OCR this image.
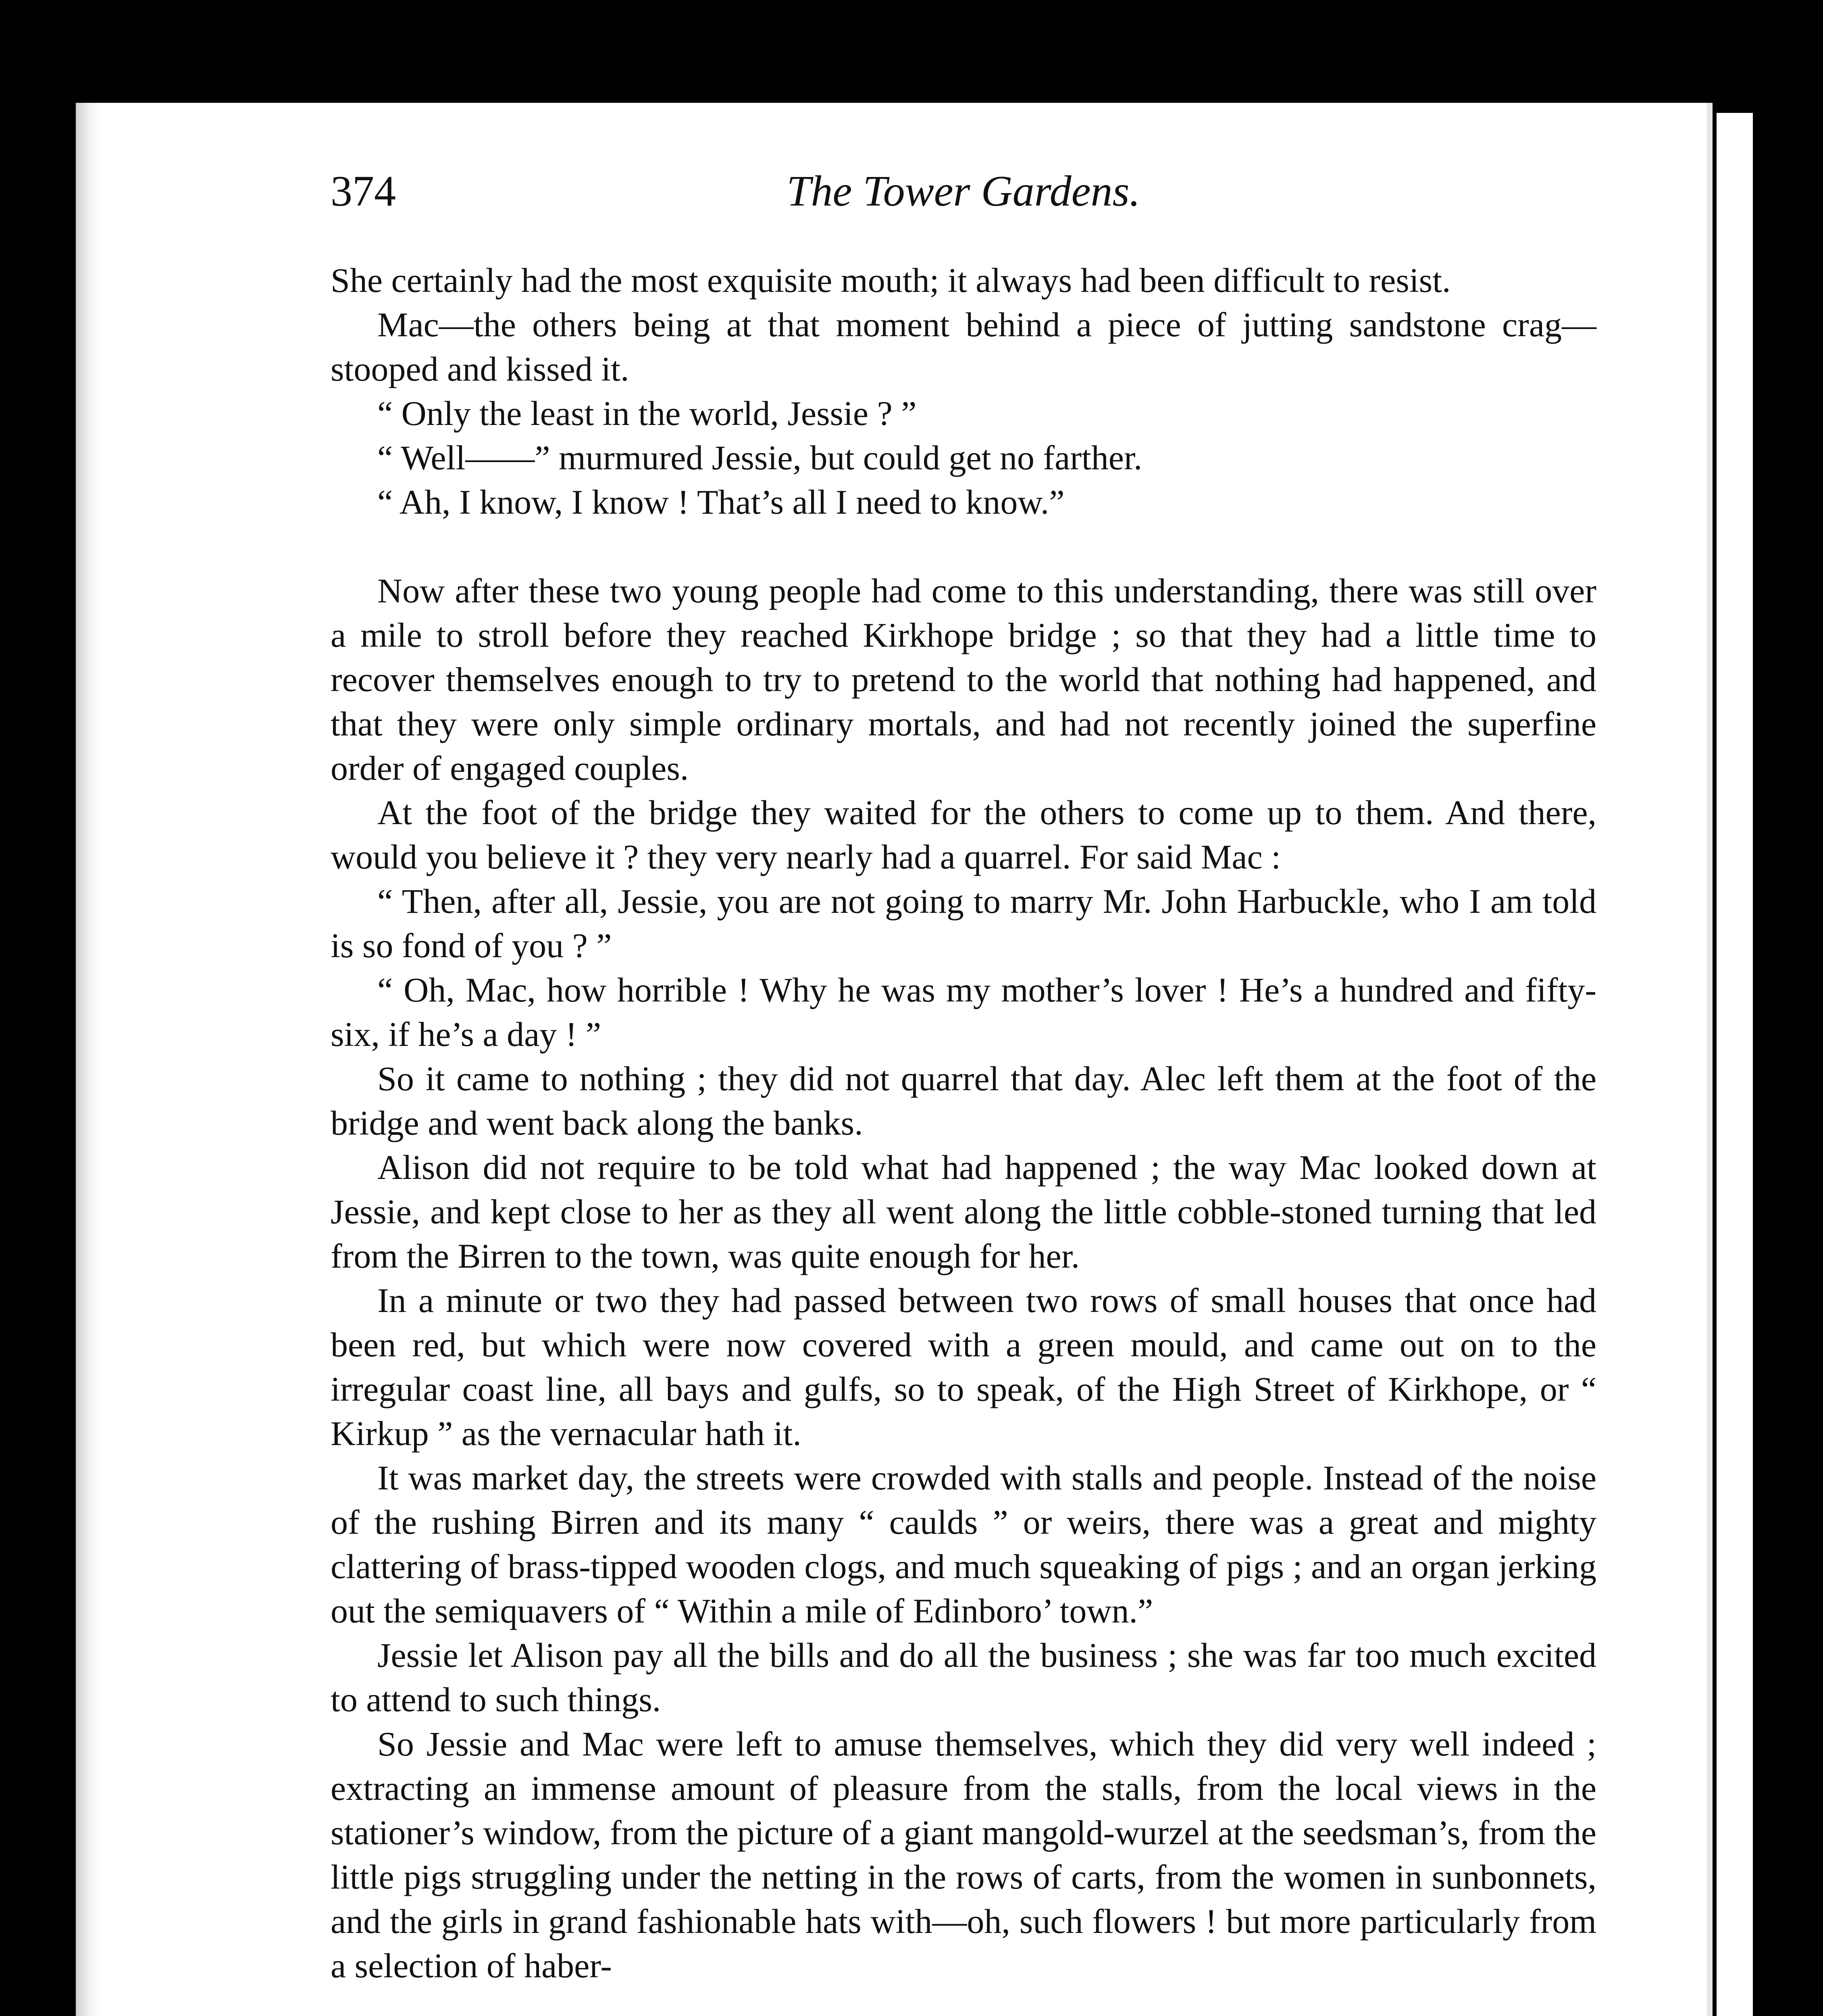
374	The Tower Gardens.

She certainly had the most exquisite mouth; it always had been difficult to resist.

Mac—the others being at that moment behind a piece of jutting sandstone crag—stooped and kissed it.

“ Only the least in the world, Jessie ? ”

“ Well——” murmured Jessie, but could get no farther.

“ Ah, I know, I know ! That’s all I need to know.”

Now after these two young people had come to this understanding, there was still over a mile to stroll before they reached Kirkhope bridge ; so that they had a little time to recover themselves enough to try to pretend to the world that nothing had happened, and that they were only simple ordinary mortals, and had not recently joined the superfine order of engaged couples.

At the foot of the bridge they waited for the others to come up to them. And there, would you believe it ? they very nearly had a quarrel. For said Mac :

“ Then, after all, Jessie, you are not going to marry Mr. John Harbuckle, who I am told is so fond of you ? ”

“ Oh, Mac, how horrible ! Why he was my mother’s lover ! He’s a hundred and fifty-six, if he’s a day ! ”

So it came to nothing ; they did not quarrel that day. Alec left them at the foot of the bridge and went back along the banks.

Alison did not require to be told what had happened ; the way Mac looked down at Jessie, and kept close to her as they all went along the little cobble-stoned turning that led from the Birren to the town, was quite enough for her.

In a minute or two they had passed between two rows of small houses that once had been red, but which were now covered with a green mould, and came out on to the irregular coast line, all bays and gulfs, so to speak, of the High Street of Kirkhope, or “ Kirkup ” as the vernacular hath it.

It was market day, the streets were crowded with stalls and people. Instead of the noise of the rushing Birren and its many “ caulds ” or weirs, there was a great and mighty clattering of brass-tipped wooden clogs, and much squeaking of pigs ; and an organ jerking out the semiquavers of “ Within a mile of Edinboro’ town.”

Jessie let Alison pay all the bills and do all the business ; she was far too much excited to attend to such things.

So Jessie and Mac were left to amuse themselves, which they did very well indeed ; extracting an immense amount of pleasure from the stalls, from the local views in the stationer’s window, from the picture of a giant mangold-wurzel at the seedsman’s, from the little pigs struggling under the netting in the rows of carts, from the women in sunbonnets, and the girls in grand fashionable hats with—oh, such flowers ! but more particularly from a selection of haber-
